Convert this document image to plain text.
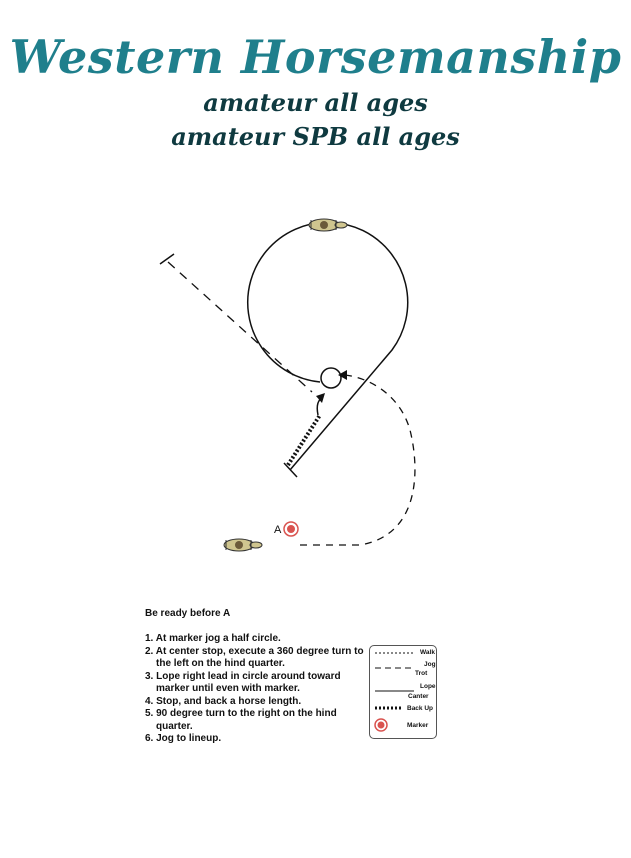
Western Horsemanship
amateur all ages
amateur SPB all ages
A
Be ready before A
1. At marker jog a half circle.
2. At center stop, execute a 360 degree turn to the left on the hind quarter.
3. Lope right lead in circle around toward marker until even with marker.
4. Stop, and back a horse length.
5. 90 degree turn to the right on the hind quarter.
6. Jog to lineup.
Walk
Jog
Trot
Lope
Canter
Back Up
Marker
